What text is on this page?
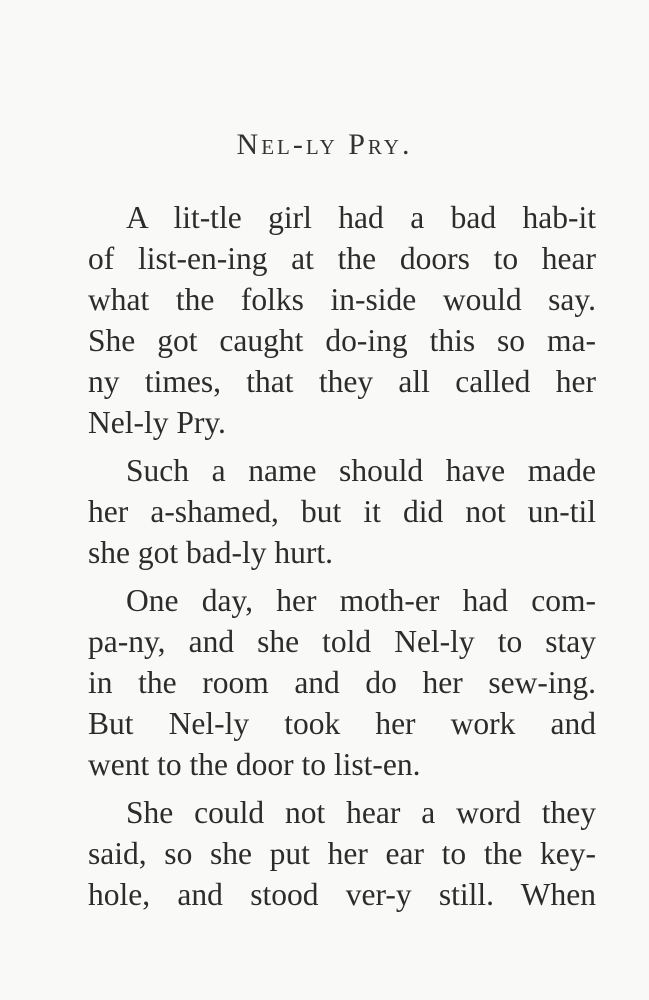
Nel-ly Pry.
A lit-tle girl had a bad hab-it
of list-en-ing at the doors to hear
what the folks in-side would say.
She got caught do-ing this so ma-
ny times, that they all called her
Nel-ly Pry.
Such a name should have made
her a-shamed, but it did not un-til
she got bad-ly hurt.
One day, her moth-er had com-
pa-ny, and she told Nel-ly to stay
in the room and do her sew-ing.
But Nel-ly took her work and
went to the door to list-en.
She could not hear a word they
said, so she put her ear to the key-
hole, and stood ver-y still. When
